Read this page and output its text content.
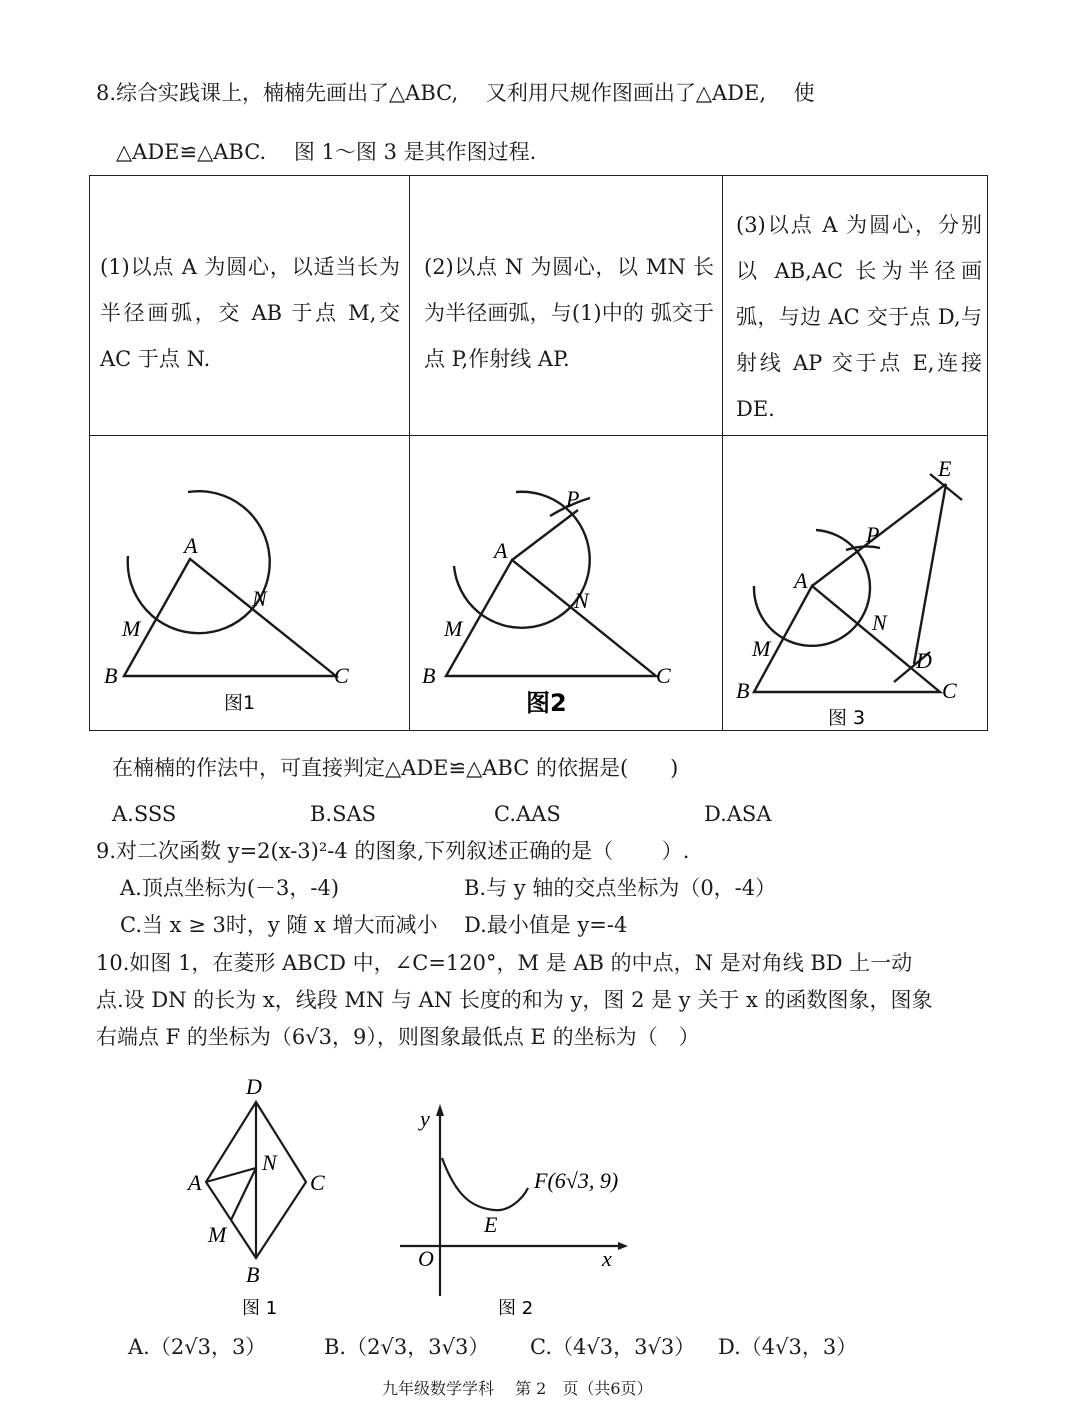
8.综合实践课上，楠楠先画出了△ABC,　 又利用尺规作图画出了△ADE,　 使
△ADE≌△ABC.　 图 1～图 3 是其作图过程.
(1)以点 A 为圆心，以适当长为半径画弧，交 AB 于点 M,交 AC 于点 N.
(2)以点 N 为圆心，以 MN 长为半径画弧，与(1)中的 弧交于点 P,作射线 AP.
(3)以点 A 为圆心，分别以 AB,AC 长为半径画弧，与边 AC 交于点 D,与射线 AP 交于点 E,连接 DE.
A
B	C
M
N
图1
A
B	C
M
N
P
图2
A
B	C
M
N
P
E
D
图 3
在楠楠的作法中，可直接判定△ADE≌△ABC 的依据是(　　)
A.SSS	B.SAS	C.AAS	D.ASA
9.对二次函数 y=2(x-3)²-4 的图象,下列叙述正确的是（　　 ）.
A.顶点坐标为(－3，-4)	B.与 y 轴的交点坐标为（0，-4）
C.当 x ≥ 3时，y 随 x 增大而减小 D.最小值是 y=-4
10.如图 1，在菱形 ABCD 中，∠C=120°，M 是 AB 的中点，N 是对角线 BD 上一动
点.设 DN 的长为 x，线段 MN 与 AN 长度的和为 y，图 2 是 y 关于 x 的函数图象，图象
右端点 F 的坐标为（6√3，9），则图象最低点 E 的坐标为（　）
D
A	C
B
M
N
图 1
y
x
O
E
F(6√3, 9)
图 2
A.（2√3，3）	B.（2√3，3√3） C.（4√3，3√3） D.（4√3，3）
九年级数学学科　 第 2　页（共6页）
